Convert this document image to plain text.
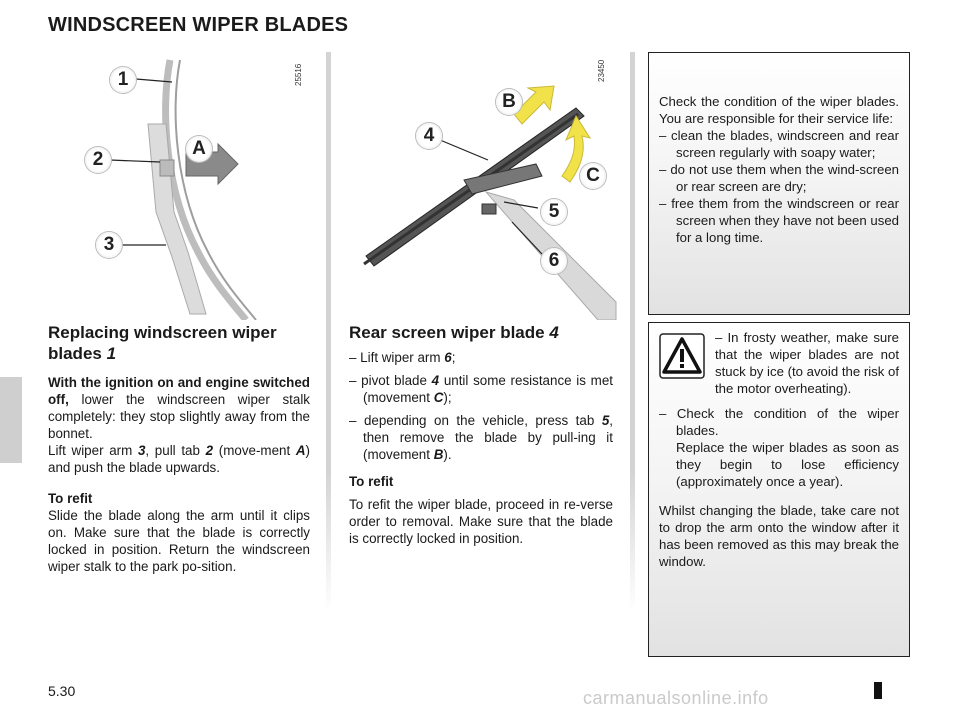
WINDSCREEN WIPER BLADES
25516
1
2
A
3
23450
B
4
C
5
6
Replacing windscreen wiper blades 1

With the ignition on and engine switched off, lower the windscreen wiper stalk completely: they stop slightly away from the bonnet.

Lift wiper arm 3, pull tab 2 (move-ment A) and push the blade upwards.

To refit

Slide the blade along the arm until it clips on. Make sure that the blade is correctly locked in position. Return the windscreen wiper stalk to the park po-sition.

Rear screen wiper blade 4
– Lift wiper arm 6;
– pivot blade 4 until some resistance is met (movement C);
– depending on the vehicle, press tab 5, then remove the blade by pull-ing it (movement B).

To refit

To refit the wiper blade, proceed in re-verse order to removal. Make sure that the blade is correctly locked in position.

Check the condition of the wiper blades. You are responsible for their service life:

– clean the blades, windscreen and rear screen regularly with soapy water;
– do not use them when the wind-screen or rear screen are dry;
– free them from the windscreen or rear screen when they have not been used for a long time.

– In frosty weather, make sure that the wiper blades are not stuck by ice (to avoid the risk of the motor overheating).

– Check the condition of the wiper blades.

Replace the wiper blades as soon as they begin to lose efficiency (approximately once a year).

Whilst changing the blade, take care not to drop the arm onto the window after it has been removed as this may break the window.

5.30	carmanualsonline.info
